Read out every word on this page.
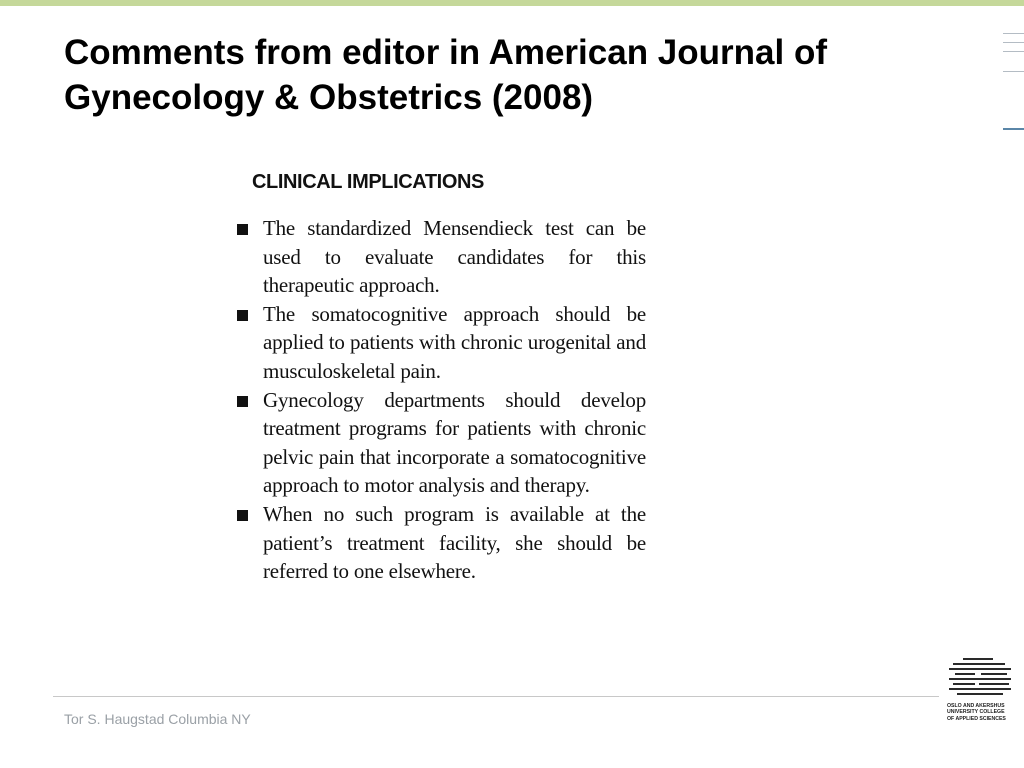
Comments from editor in American Journal of
Gynecology & Obstetrics (2008)
CLINICAL IMPLICATIONS
The standardized Mensendieck test can be used to evaluate candidates for this therapeutic approach.
The somatocognitive approach should be applied to patients with chronic urogenital and musculoskeletal pain.
Gynecology departments should develop treatment programs for patients with chronic pelvic pain that incorporate a somatocognitive approach to motor analysis and therapy.
When no such program is available at the patient’s treatment facility, she should be referred to one elsewhere.
Tor S. Haugstad Columbia NY
OSLO AND AKERSHUS
UNIVERSITY COLLEGE
OF APPLIED SCIENCES
